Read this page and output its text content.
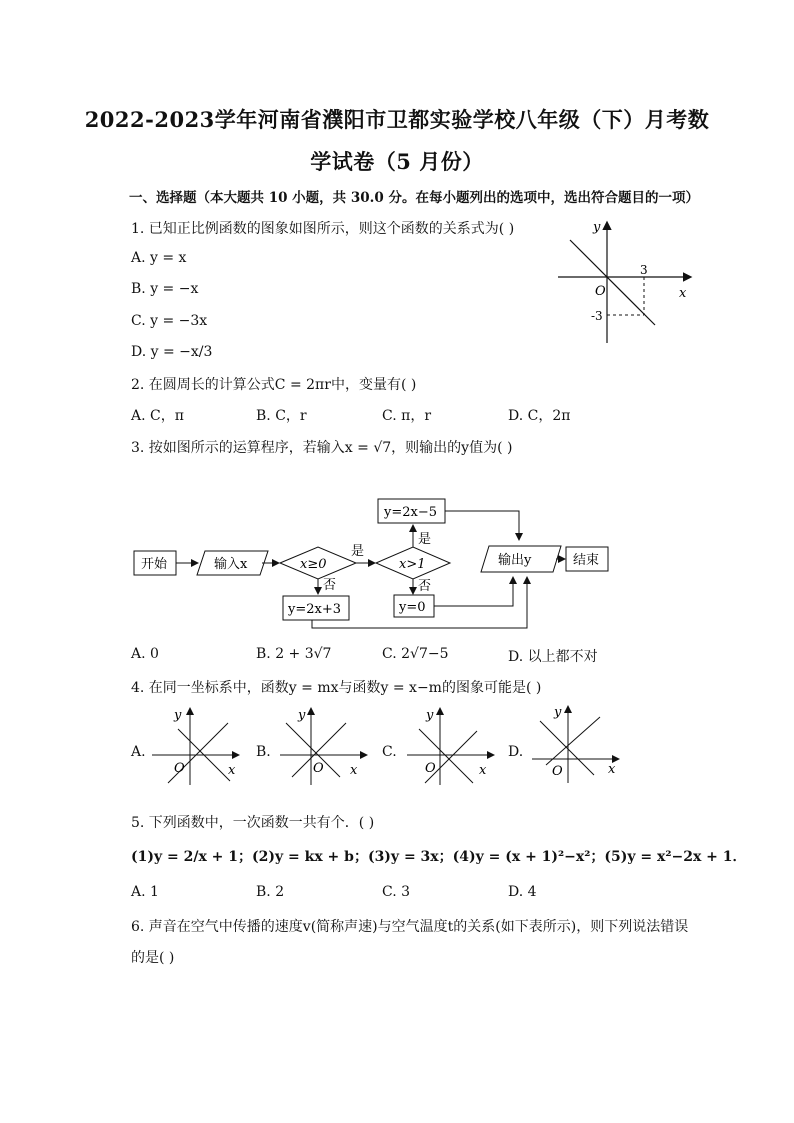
2022-2023学年河南省濮阳市卫都实验学校八年级（下）月考数
学试卷（5 月份）
一、选择题（本大题共 10 小题，共 30.0 分。在每小题列出的选项中，选出符合题目的一项）
1. 已知正比例函数的图象如图所示，则这个函数的关系式为( )
A. y = x
B. y = −x
C. y = −3x
D. y = −x/3
y
x
O
3
-3
2. 在圆周长的计算公式C = 2πr中，变量有( )
A. C，π	B. C，r	C. π，r	D. C，2π
3. 按如图所示的运算程序，若输入x = √7，则输出的y值为( )
开始	输入x	x≥0
是
x>1
是
y=2x−5
否
y=0
否
y=2x+3
输出y	结束
A. 0	B. 2 + 3√7	C. 2√7−5	D. 以上都不对
4. 在同一坐标系中，函数y = mx与函数y = x−m的图象可能是( )
A.	B.	C.	D.
y
x
O
y
x
O
y
x
O
y
x
O
5. 下列函数中，一次函数一共有个．( )
(1)y = 2/x + 1；(2)y = kx + b；(3)y = 3x；(4)y = (x + 1)²−x²；(5)y = x²−2x + 1．
A. 1	B. 2	C. 3	D. 4
6. 声音在空气中传播的速度v(简称声速)与空气温度t的关系(如下表所示)，则下列说法错误
的是( )
